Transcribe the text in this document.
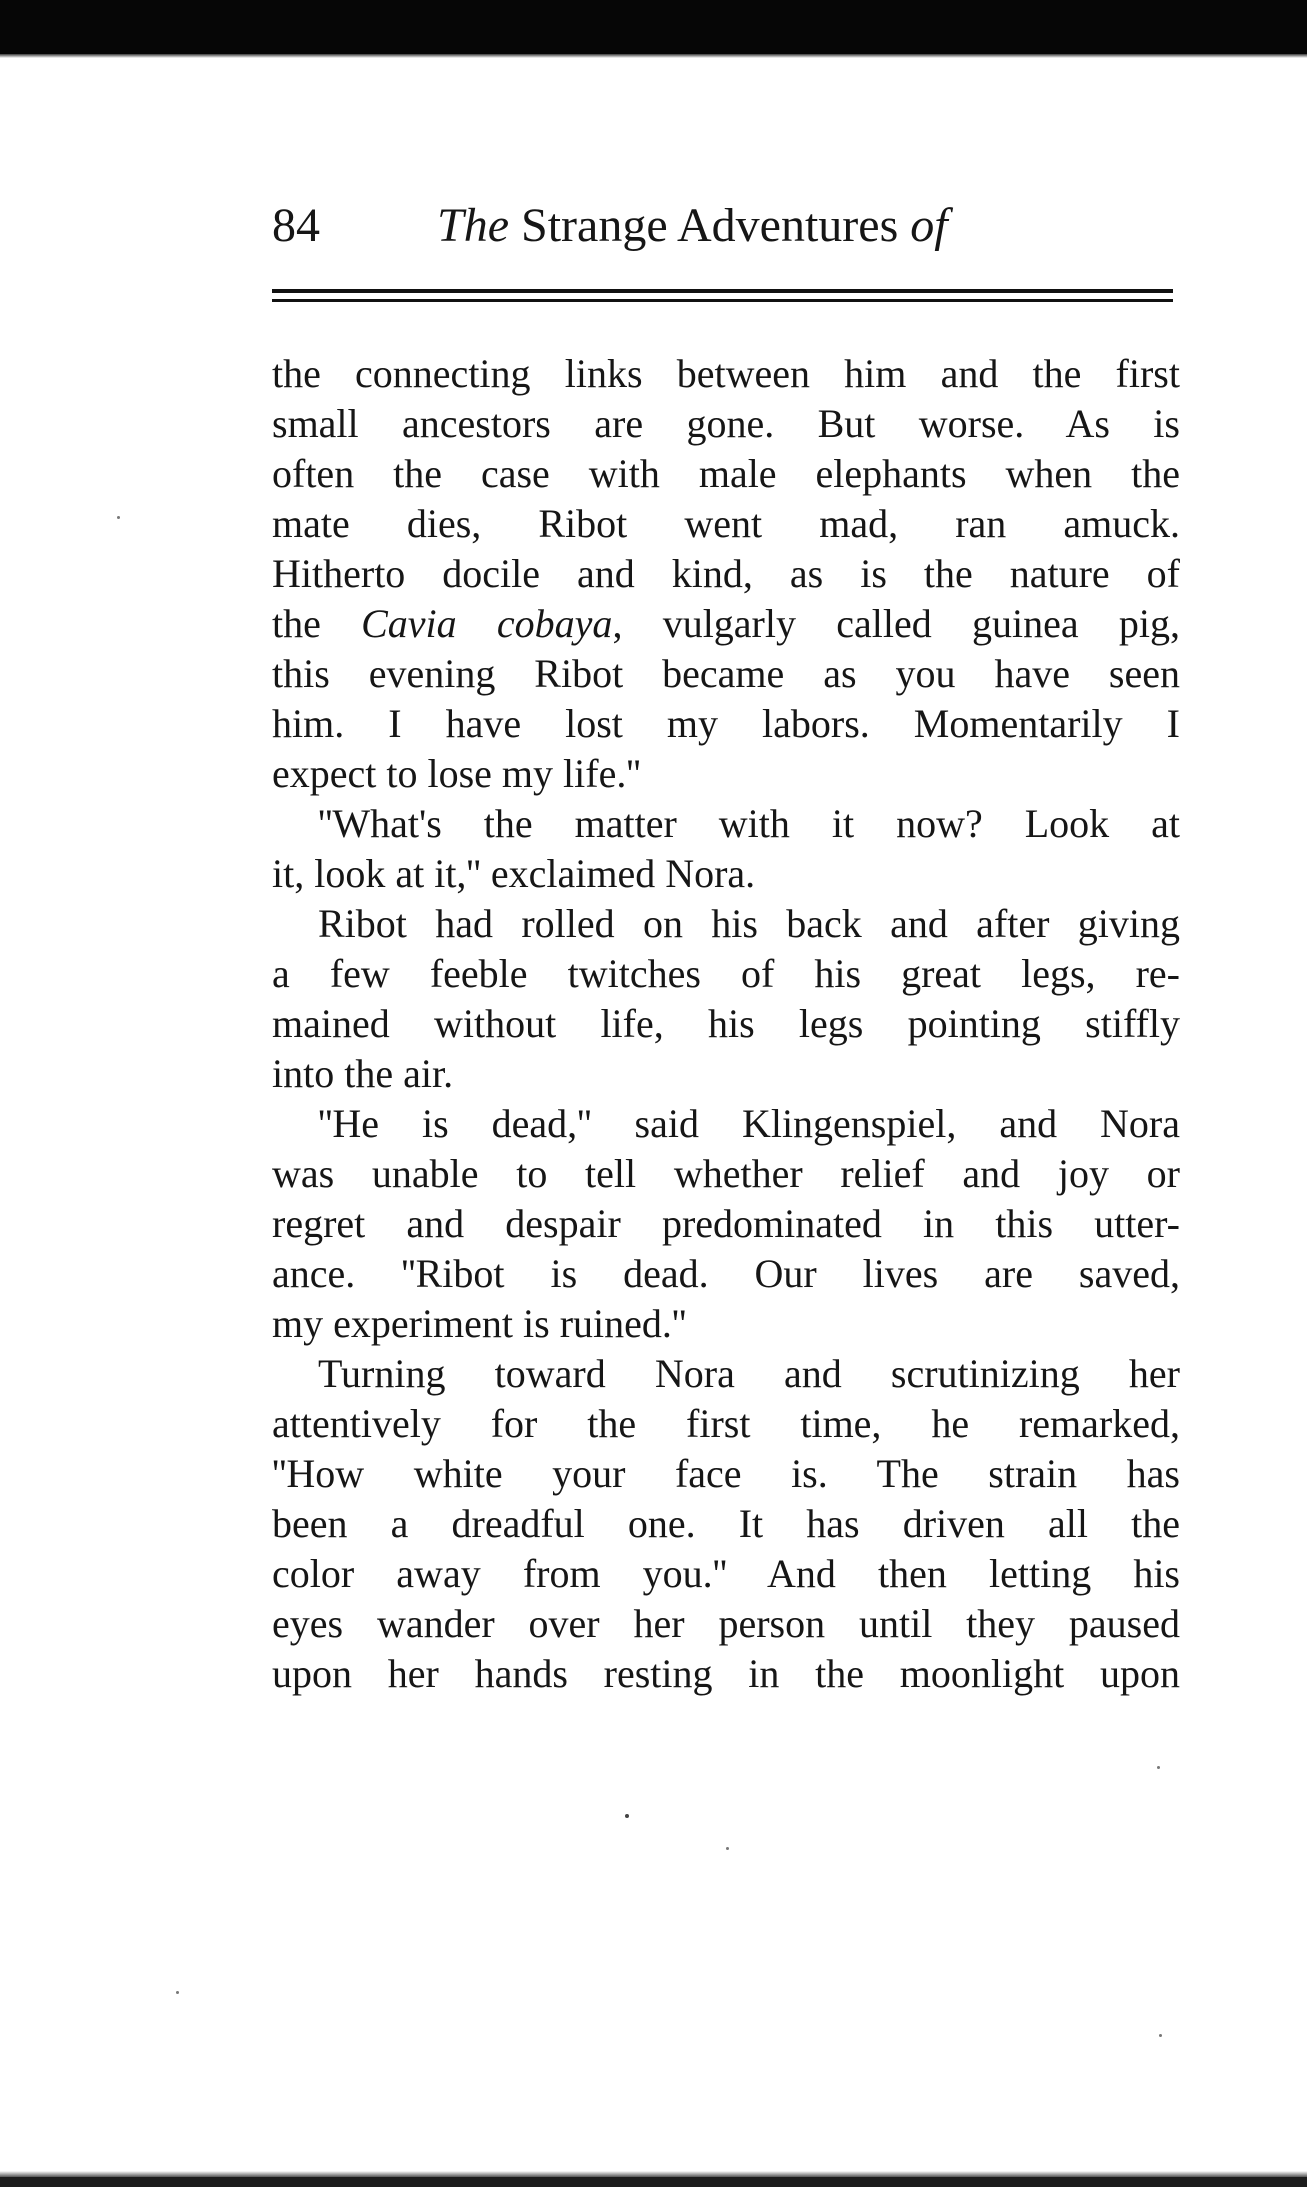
84 The Strange Adventures of
the connecting links between him and the first
small ancestors are gone. But worse. As is
often the case with male elephants when the
mate dies, Ribot went mad, ran amuck.
Hitherto docile and kind, as is the nature of
the Cavia cobaya, vulgarly called guinea pig,
this evening Ribot became as you have seen
him. I have lost my labors. Momentarily I
expect to lose my life.''
''What's the matter with it now? Look at
it, look at it,'' exclaimed Nora.
Ribot had rolled on his back and after giving
a few feeble twitches of his great legs, re-
mained without life, his legs pointing stiffly
into the air.
''He is dead,'' said Klingenspiel, and Nora
was unable to tell whether relief and joy or
regret and despair predominated in this utter-
ance. ''Ribot is dead. Our lives are saved,
my experiment is ruined.''
Turning toward Nora and scrutinizing her
attentively for the first time, he remarked,
''How white your face is. The strain has
been a dreadful one. It has driven all the
color away from you.'' And then letting his
eyes wander over her person until they paused
upon her hands resting in the moonlight upon
